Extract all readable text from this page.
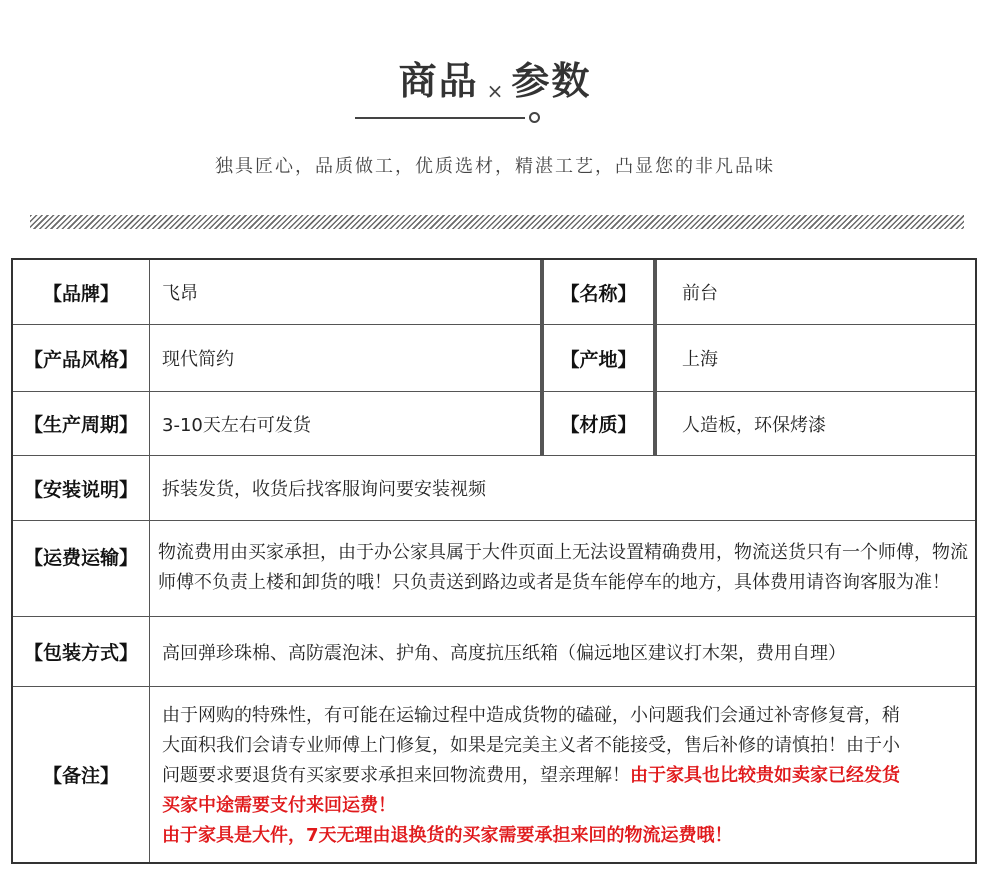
商品 × 参数
独具匠心，品质做工，优质选材，精湛工艺，凸显您的非凡品味
【品牌】	飞昂	【名称】	前台
【产品风格】	现代简约	【产地】	上海
【生产周期】	3-10天左右可发货	【材质】	人造板，环保烤漆
【安装说明】	拆装发货，收货后找客服询问要安装视频
【运费运输】	物流费用由买家承担，由于办公家具属于大件页面上无法设置精确费用，物流送货只有一个师傅，物流
师傅不负责上楼和卸货的哦！只负责送到路边或者是货车能停车的地方，具体费用请咨询客服为准！
【包装方式】	高回弹珍珠棉、高防震泡沫、护角、高度抗压纸箱（偏远地区建议打木架，费用自理）
【备注】
由于网购的特殊性，有可能在运输过程中造成货物的磕碰，小问题我们会通过补寄修复膏，稍
大面积我们会请专业师傅上门修复，如果是完美主义者不能接受，售后补修的请慎拍！由于小
问题要求要退货有买家要求承担来回物流费用，望亲理解！由于家具也比较贵如卖家已经发货
买家中途需要支付来回运费！
由于家具是大件，7天无理由退换货的买家需要承担来回的物流运费哦！
